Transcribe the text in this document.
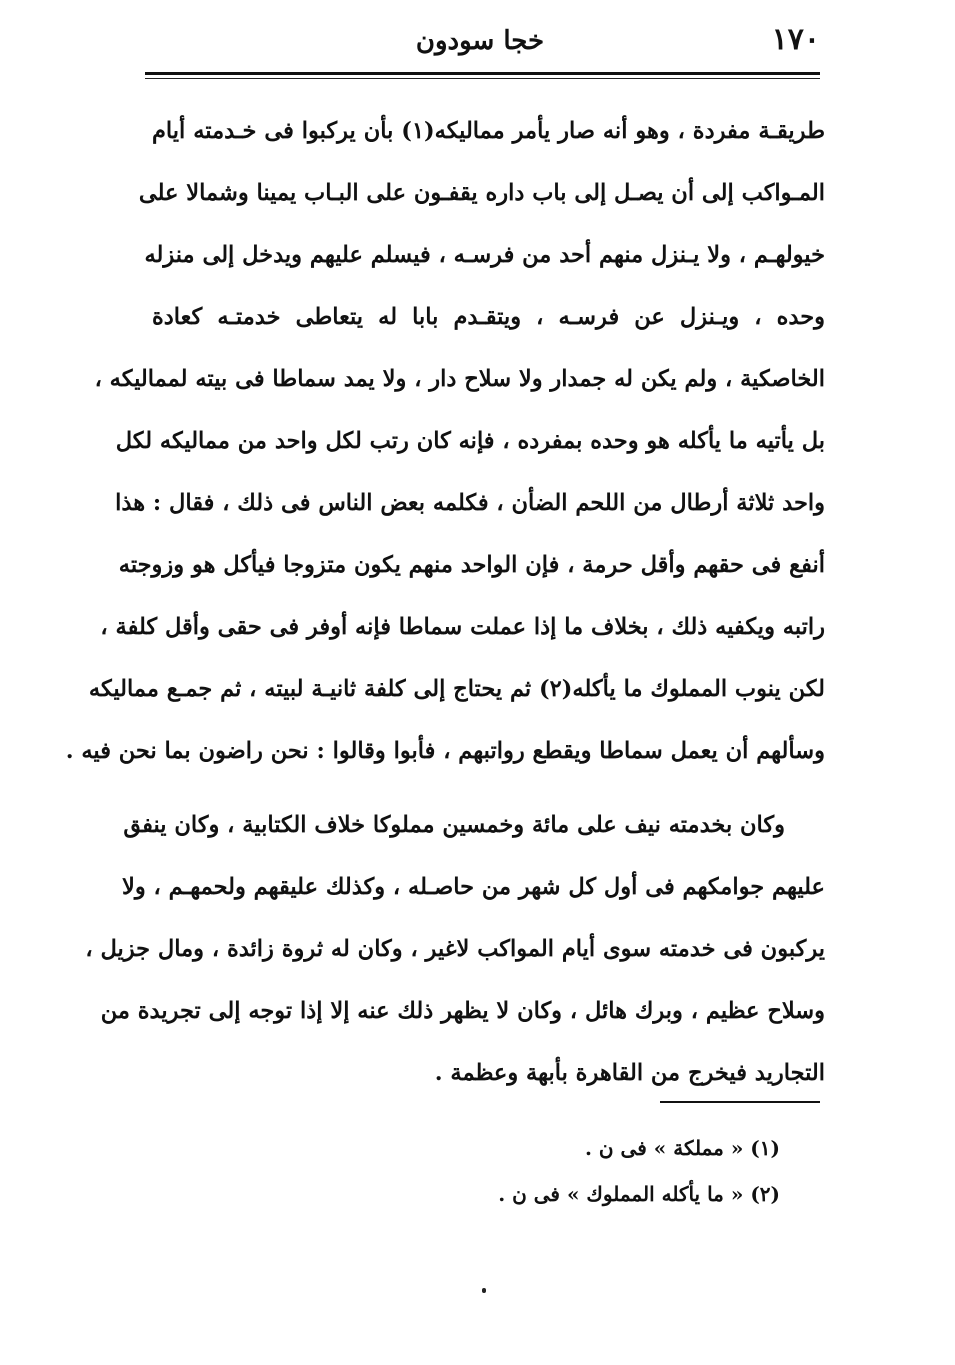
١٧٠
خجا سودون
طريقـة مفردة ، وهو أنه صار يأمر مماليكه(١) بأن يركبوا فى خـدمته أيام
المـواكب إلى أن يصـل إلى باب داره يقفـون على البـاب يمينا وشمالا على
خيولهـم ، ولا يـنزل منهم أحد من فرسـه ، فيسلم عليهم ويدخل إلى منزله
وحده ، ويـنزل عن فرسـه ، ويتقـدم بابا له يتعاطى خدمتـه كعادة
الخاصكية ، ولم يكن له جمدار ولا سلاح دار ، ولا يمد سماطا فى بيته لمماليكه ،
بل يأتيه ما يأكله هو وحده بمفرده ، فإنه كان رتب لكل واحد من مماليكه لكل
واحد ثلاثة أرطال من اللحم الضأن ، فكلمه بعض الناس فى ذلك ، فقال : هذا
أنفع فى حقهم وأقل حرمة ، فإن الواحد منهم يكون متزوجا فيأكل هو وزوجته
راتبه ويكفيه ذلك ، بخلاف ما إذا عملت سماطا فإنه أوفر فى حقى وأقل كلفة ،
لكن ينوب المملوك ما يأكله(٢) ثم يحتاج إلى كلفة ثانيـة لبيته ، ثم جمـع مماليكه
وسألهم أن يعمل سماطا ويقطع رواتبهم ، فأبوا وقالوا : نحن راضون بما نحن فيه .
وكان بخدمته نيف على مائة وخمسين مملوكا خلاف الكتابية ، وكان ينفق
عليهم جوامكهم فى أول كل شهر من حاصـله ، وكذلك عليقهم ولحمهـم ، ولا
يركبون فى خدمته سوى أيام المواكب لاغير ، وكان له ثروة زائدة ، ومال جزيل ،
وسلاح عظيم ، وبرك هائل ، وكان لا يظهر ذلك عنه إلا إذا توجه إلى تجريدة من
التجاريد فيخرج من القاهرة بأبهة وعظمة .
(١) « مملكة » فى ن .
(٢) « ما يأكله المملوك » فى ن .
